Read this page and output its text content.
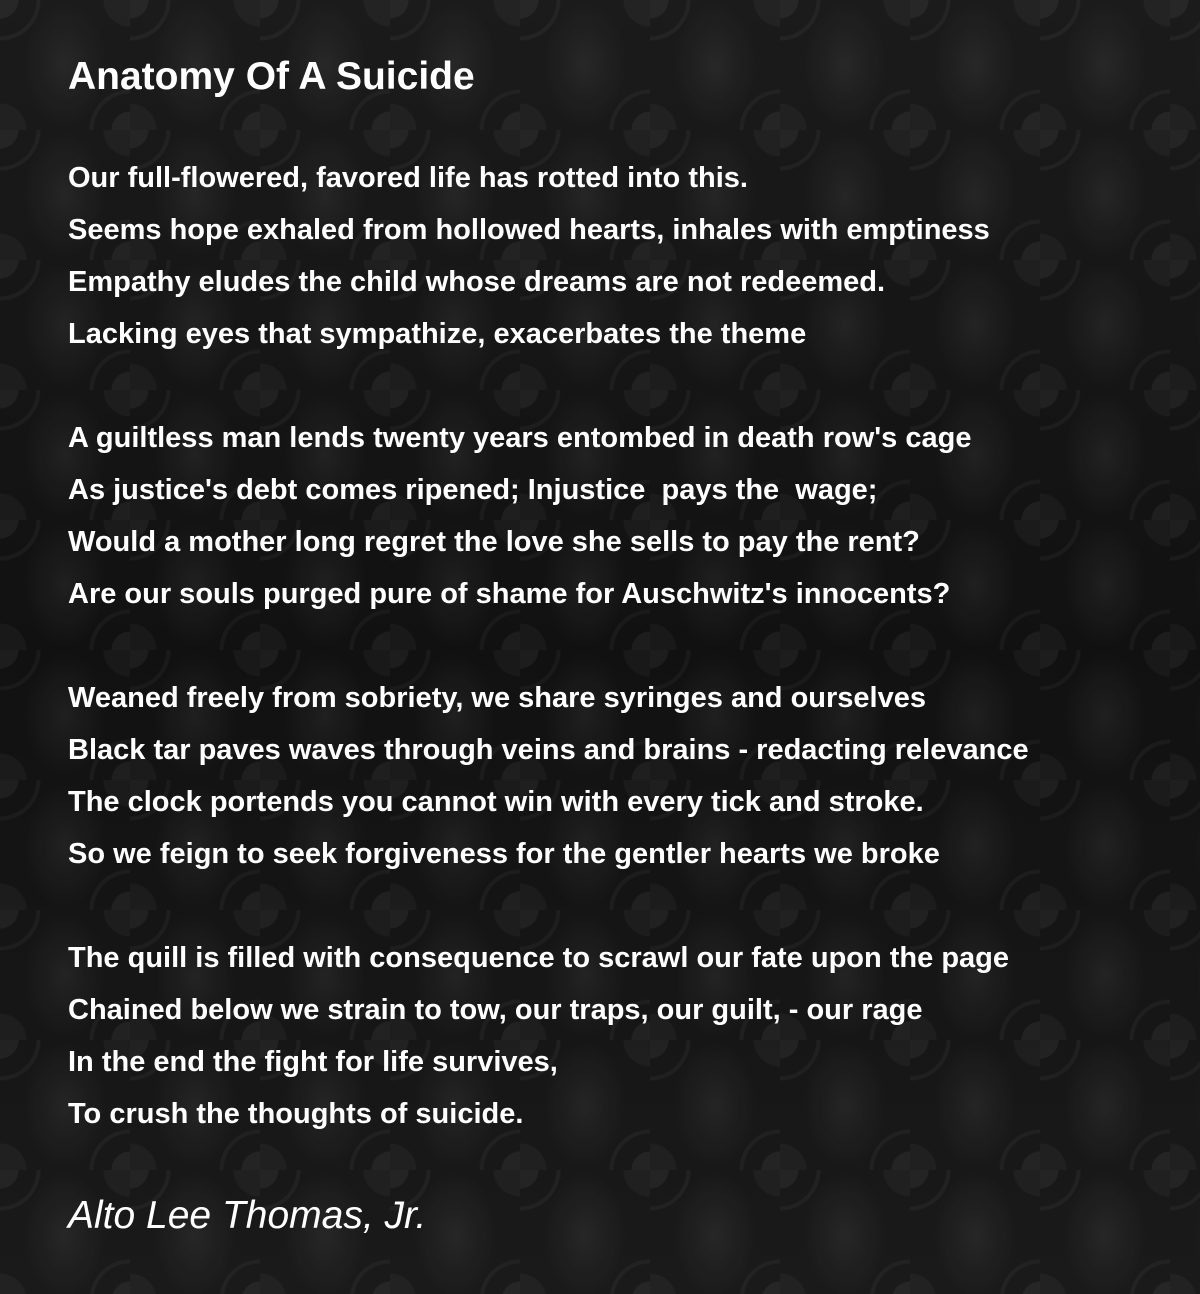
Anatomy Of A Suicide
Our full-flowered, favored life has rotted into this.
Seems hope exhaled from hollowed hearts, inhales with emptiness
Empathy eludes the child whose dreams are not redeemed.
Lacking eyes that sympathize, exacerbates the theme
A guiltless man lends twenty years entombed in death row's cage
As justice's debt comes ripened; Injustice  pays the  wage;
Would a mother long regret the love she sells to pay the rent?
Are our souls purged pure of shame for Auschwitz's innocents?
Weaned freely from sobriety, we share syringes and ourselves
Black tar paves waves through veins and brains - redacting relevance
The clock portends you cannot win with every tick and stroke.
So we feign to seek forgiveness for the gentler hearts we broke
The quill is filled with consequence to scrawl our fate upon the page
Chained below we strain to tow, our traps, our guilt, - our rage
In the end the fight for life survives,
To crush the thoughts of suicide.

Alto Lee Thomas, Jr.
